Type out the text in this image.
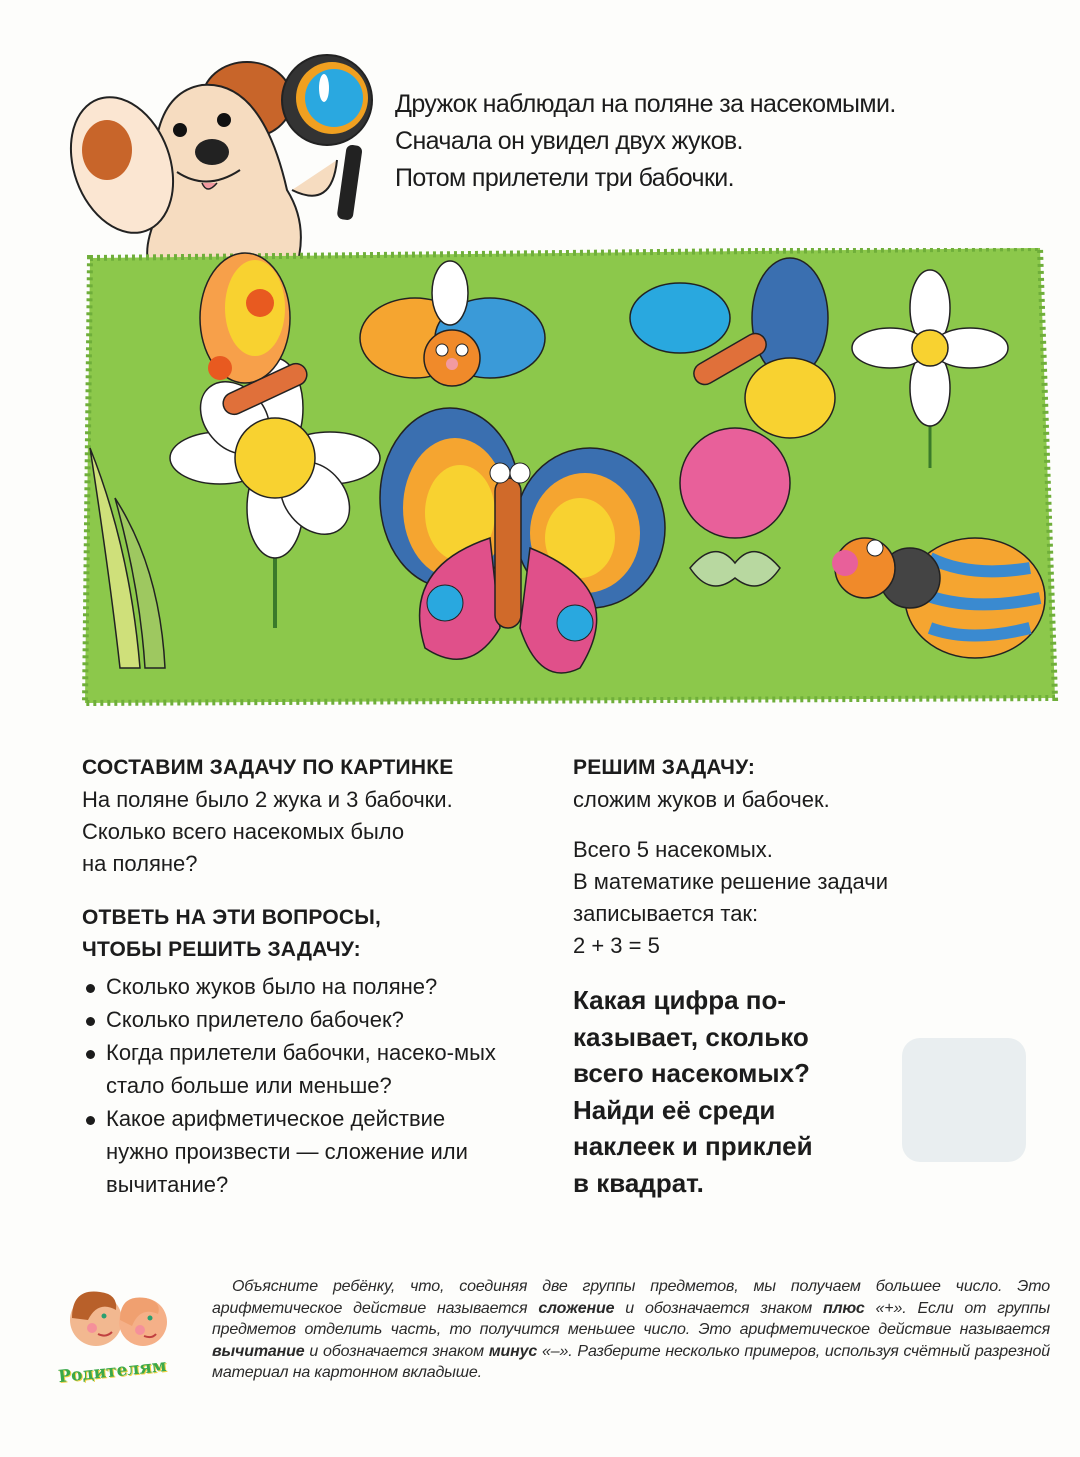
Дружок наблюдал на поляне за насекомыми.
Сначала он увидел двух жуков.
Потом прилетели три бабочки.
СОСТАВИМ ЗАДАЧУ ПО КАРТИНКЕ
На поляне было 2 жука и 3 бабочки.
Сколько всего насекомых было
на поляне?
ОТВЕТЬ НА ЭТИ ВОПРОСЫ,
ЧТОБЫ РЕШИТЬ ЗАДАЧУ:
Сколько жуков было на поляне?
Сколько прилетело бабочек?
Когда прилетели бабочки, насеко-мых стало больше или меньше?
Какое арифметическое действие нужно произвести — сложение или вычитание?
РЕШИМ ЗАДАЧУ:
сложим жуков и бабочек.
Всего 5 насекомых.
В математике решение задачи
записывается так:
2 + 3 = 5
Какая цифра по-
казывает, сколько
всего насекомых?
Найди её среди
наклеек и приклей
в квадрат.
Родителям
Объясните ребёнку, что, соединяя две группы предметов, мы получаем большее число. Это арифметическое действие называется сложение и обозначается знаком плюс «+». Если от группы предметов отделить часть, то получится меньшее число. Это арифметическое действие называется вычитание и обозначается знаком минус «–». Разберите несколько примеров, используя счётный разрезной материал на картонном вкладыше.
